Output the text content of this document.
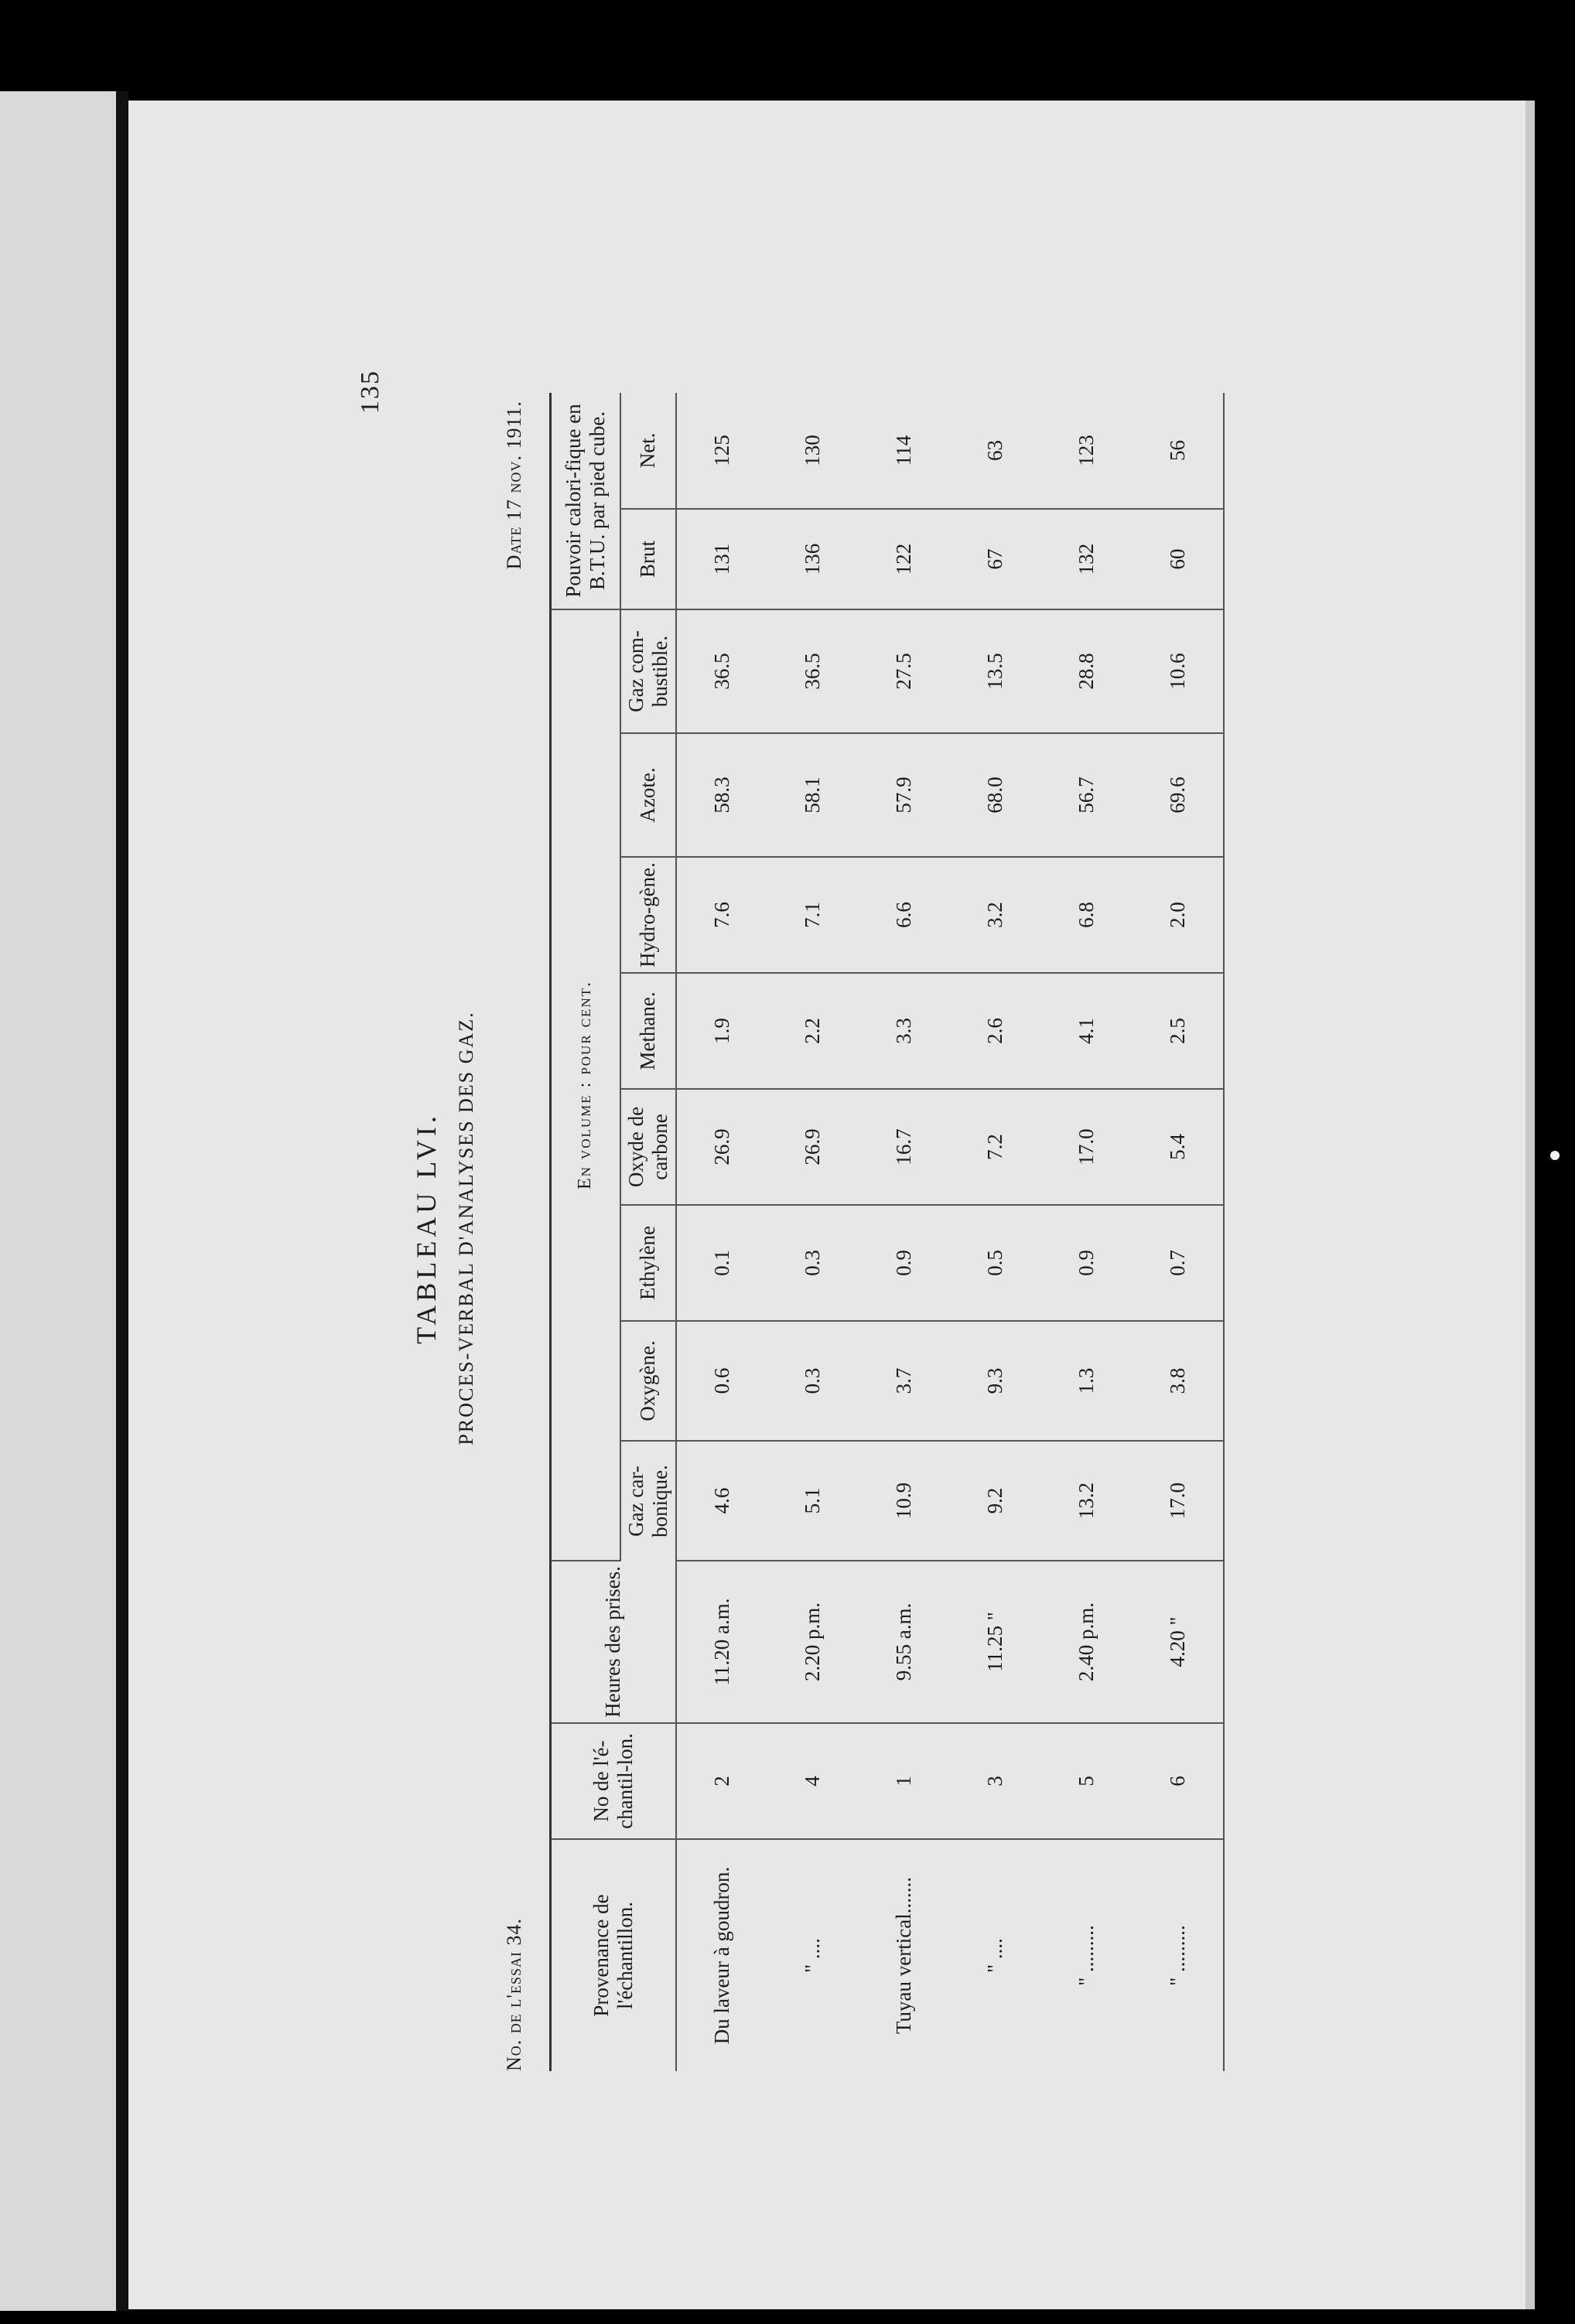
135
TABLEAU LVI. PROCES-VERBAL D'ANALYSES DES GAZ.
No. de l'essai 34.
Date 17 nov. 1911.
Provenance de l'échantillon.	No de l'é-chantil-lon.	Heures des prises.	En volume : pour cent.								Pouvoir calori-fique en B.T.U. par pied cube.	
			Gaz car-bonique.	Oxygène.	Ethylène	Oxyde de carbone	Methane.	Hydro-gène.	Azote.	Gaz com-bustible.	Brut	Net.
Du laveur à goudron.	2	11.20 a.m.	4.6	0.6	0.1	26.9	1.9	7.6	58.3	36.5	131	125
" ....	4	2.20 p.m.	5.1	0.3	0.3	26.9	2.2	7.1	58.1	36.5	136	130
Tuyau vertical.......	1	9.55 a.m.	10.9	3.7	0.9	16.7	3.3	6.6	57.9	27.5	122	114
" ....	3	11.25 "	9.2	9.3	0.5	7.2	2.6	3.2	68.0	13.5	67	63
" .........	5	2.40 p.m.	13.2	1.3	0.9	17.0	4.1	6.8	56.7	28.8	132	123
" .........	6	4.20 "	17.0	3.8	0.7	5.4	2.5	2.0	69.6	10.6	60	56
